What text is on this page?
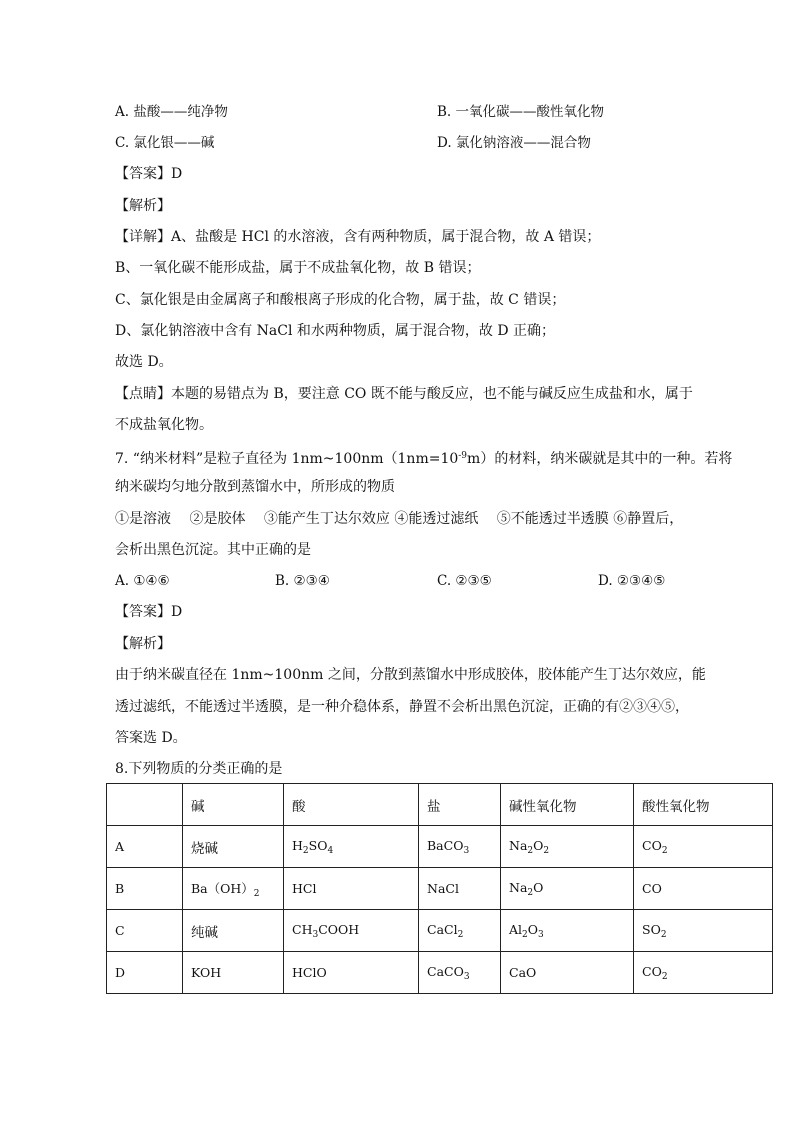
A. 盐酸——纯净物	B. 一氧化碳——酸性氧化物
C. 氯化银——碱	D. 氯化钠溶液——混合物
【答案】D
【解析】
【详解】A、盐酸是 HCl 的水溶液，含有两种物质，属于混合物，故 A 错误；
B、一氧化碳不能形成盐，属于不成盐氧化物，故 B 错误；
C、氯化银是由金属离子和酸根离子形成的化合物，属于盐，故 C 错误；
D、氯化钠溶液中含有 NaCl 和水两种物质，属于混合物，故 D 正确；
故选 D。
【点睛】本题的易错点为 B，要注意 CO 既不能与酸反应，也不能与碱反应生成盐和水，属于
不成盐氧化物。
7. “纳米材料”是粒子直径为 $1nm\sim 100nm(1nm=10^{-9}m)$的材料，纳米碳就是其中的一种。若将
纳米碳均匀地分散到蒸馏水中，所形成的物质
①是溶液　 ②是胶体　 ③能产生丁达尔效应 ④能透过滤纸　 ⑤不能透过半透膜 ⑥静置后，
会析出黑色沉淀。其中正确的是
A. ①④⑥	B. ②③④	C. ②③⑤	D. ②③④⑤
【答案】D
【解析】
由于纳米碳直径在 1nm~100nm 之间，分散到蒸馏水中形成胶体，胶体能产生丁达尔效应，能
透过滤纸，不能透过半透膜，是一种介稳体系，静置不会析出黑色沉淀，正确的有②③④⑤，
答案选 D。
8.下列物质的分类正确的是
	碱	酸	盐	碱性氧化物	酸性氧化物
A	烧碱	$H_2SO_4$	BaCO$_3$	$Na_2O_2$	$CO_2$
B	$Ba(OH)_2$	HCl	NaCl	$Na_2O$	CO
C	纯碱	$CH_3COOH$	CaCl$_2$	$Al_2O_3$	$SO_2$
D	KOH	HClO	CaCO$_3$	CaO	$CO_2$
